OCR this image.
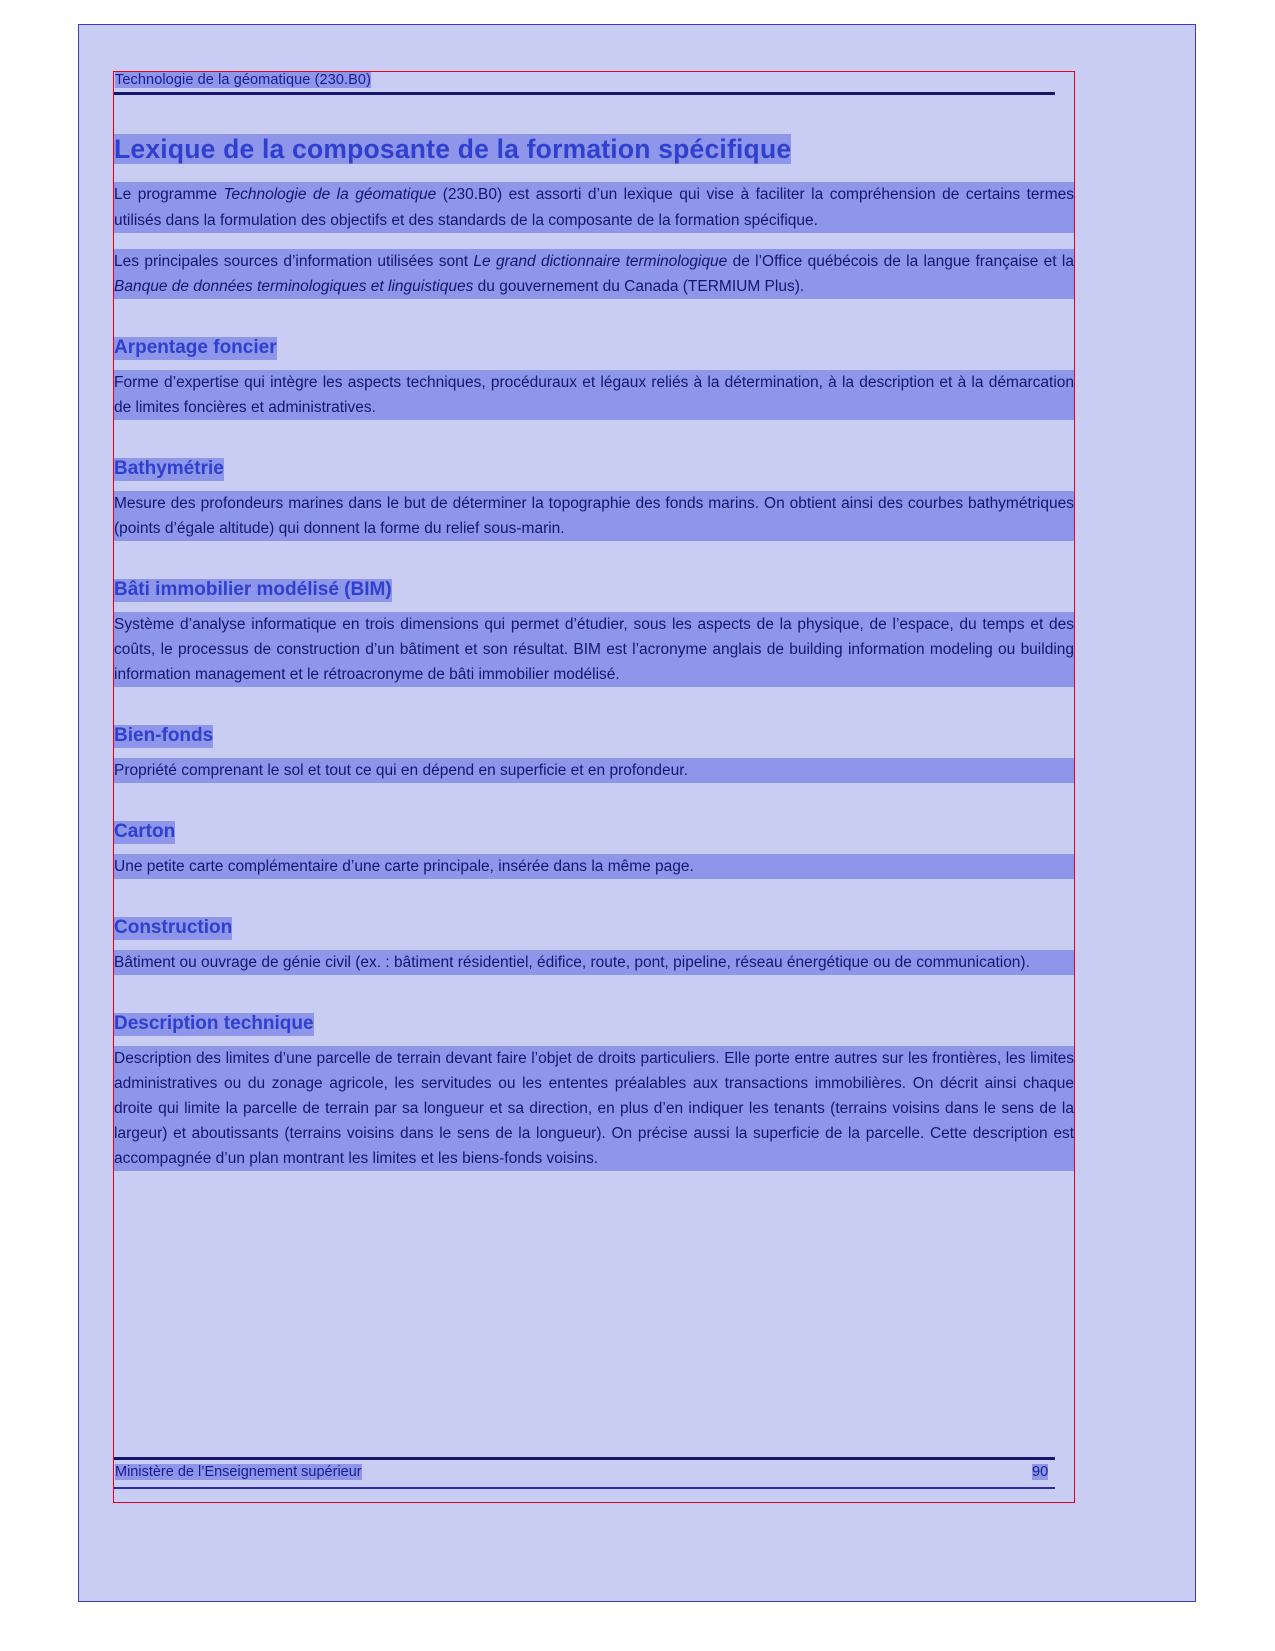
Technologie de la géomatique (230.B0)
Lexique de la composante de la formation spécifique

Le programme Technologie de la géomatique (230.B0) est assorti d’un lexique qui vise à faciliter la compréhension de certains termes utilisés dans la formulation des objectifs et des standards de la composante de la formation spécifique.

Les principales sources d’information utilisées sont Le grand dictionnaire terminologique de l’Office québécois de la langue française et la Banque de données terminologiques et linguistiques du gouvernement du Canada (TERMIUM Plus).

Arpentage foncier

Forme d’expertise qui intègre les aspects techniques, procéduraux et légaux reliés à la détermination, à la description et à la démarcation de limites foncières et administratives.

Bathymétrie

Mesure des profondeurs marines dans le but de déterminer la topographie des fonds marins. On obtient ainsi des courbes bathymétriques (points d’égale altitude) qui donnent la forme du relief sous-marin.

Bâti immobilier modélisé (BIM)

Système d’analyse informatique en trois dimensions qui permet d’étudier, sous les aspects de la physique, de l’espace, du temps et des coûts, le processus de construction d’un bâtiment et son résultat. BIM est l’acronyme anglais de building information modeling ou building information management et le rétroacronyme de bâti immobilier modélisé.

Bien-fonds

Propriété comprenant le sol et tout ce qui en dépend en superficie et en profondeur.

Carton

Une petite carte complémentaire d’une carte principale, insérée dans la même page.

Construction

Bâtiment ou ouvrage de génie civil (ex. : bâtiment résidentiel, édifice, route, pont, pipeline, réseau énergétique ou de communication).

Description technique

Description des limites d’une parcelle de terrain devant faire l’objet de droits particuliers. Elle porte entre autres sur les frontières, les limites administratives ou du zonage agricole, les servitudes ou les ententes préalables aux transactions immobilières. On décrit ainsi chaque droite qui limite la parcelle de terrain par sa longueur et sa direction, en plus d’en indiquer les tenants (terrains voisins dans le sens de la largeur) et aboutissants (terrains voisins dans le sens de la longueur). On précise aussi la superficie de la parcelle. Cette description est accompagnée d’un plan montrant les limites et les biens-fonds voisins.

Ministère de l’Enseignement supérieur	90
